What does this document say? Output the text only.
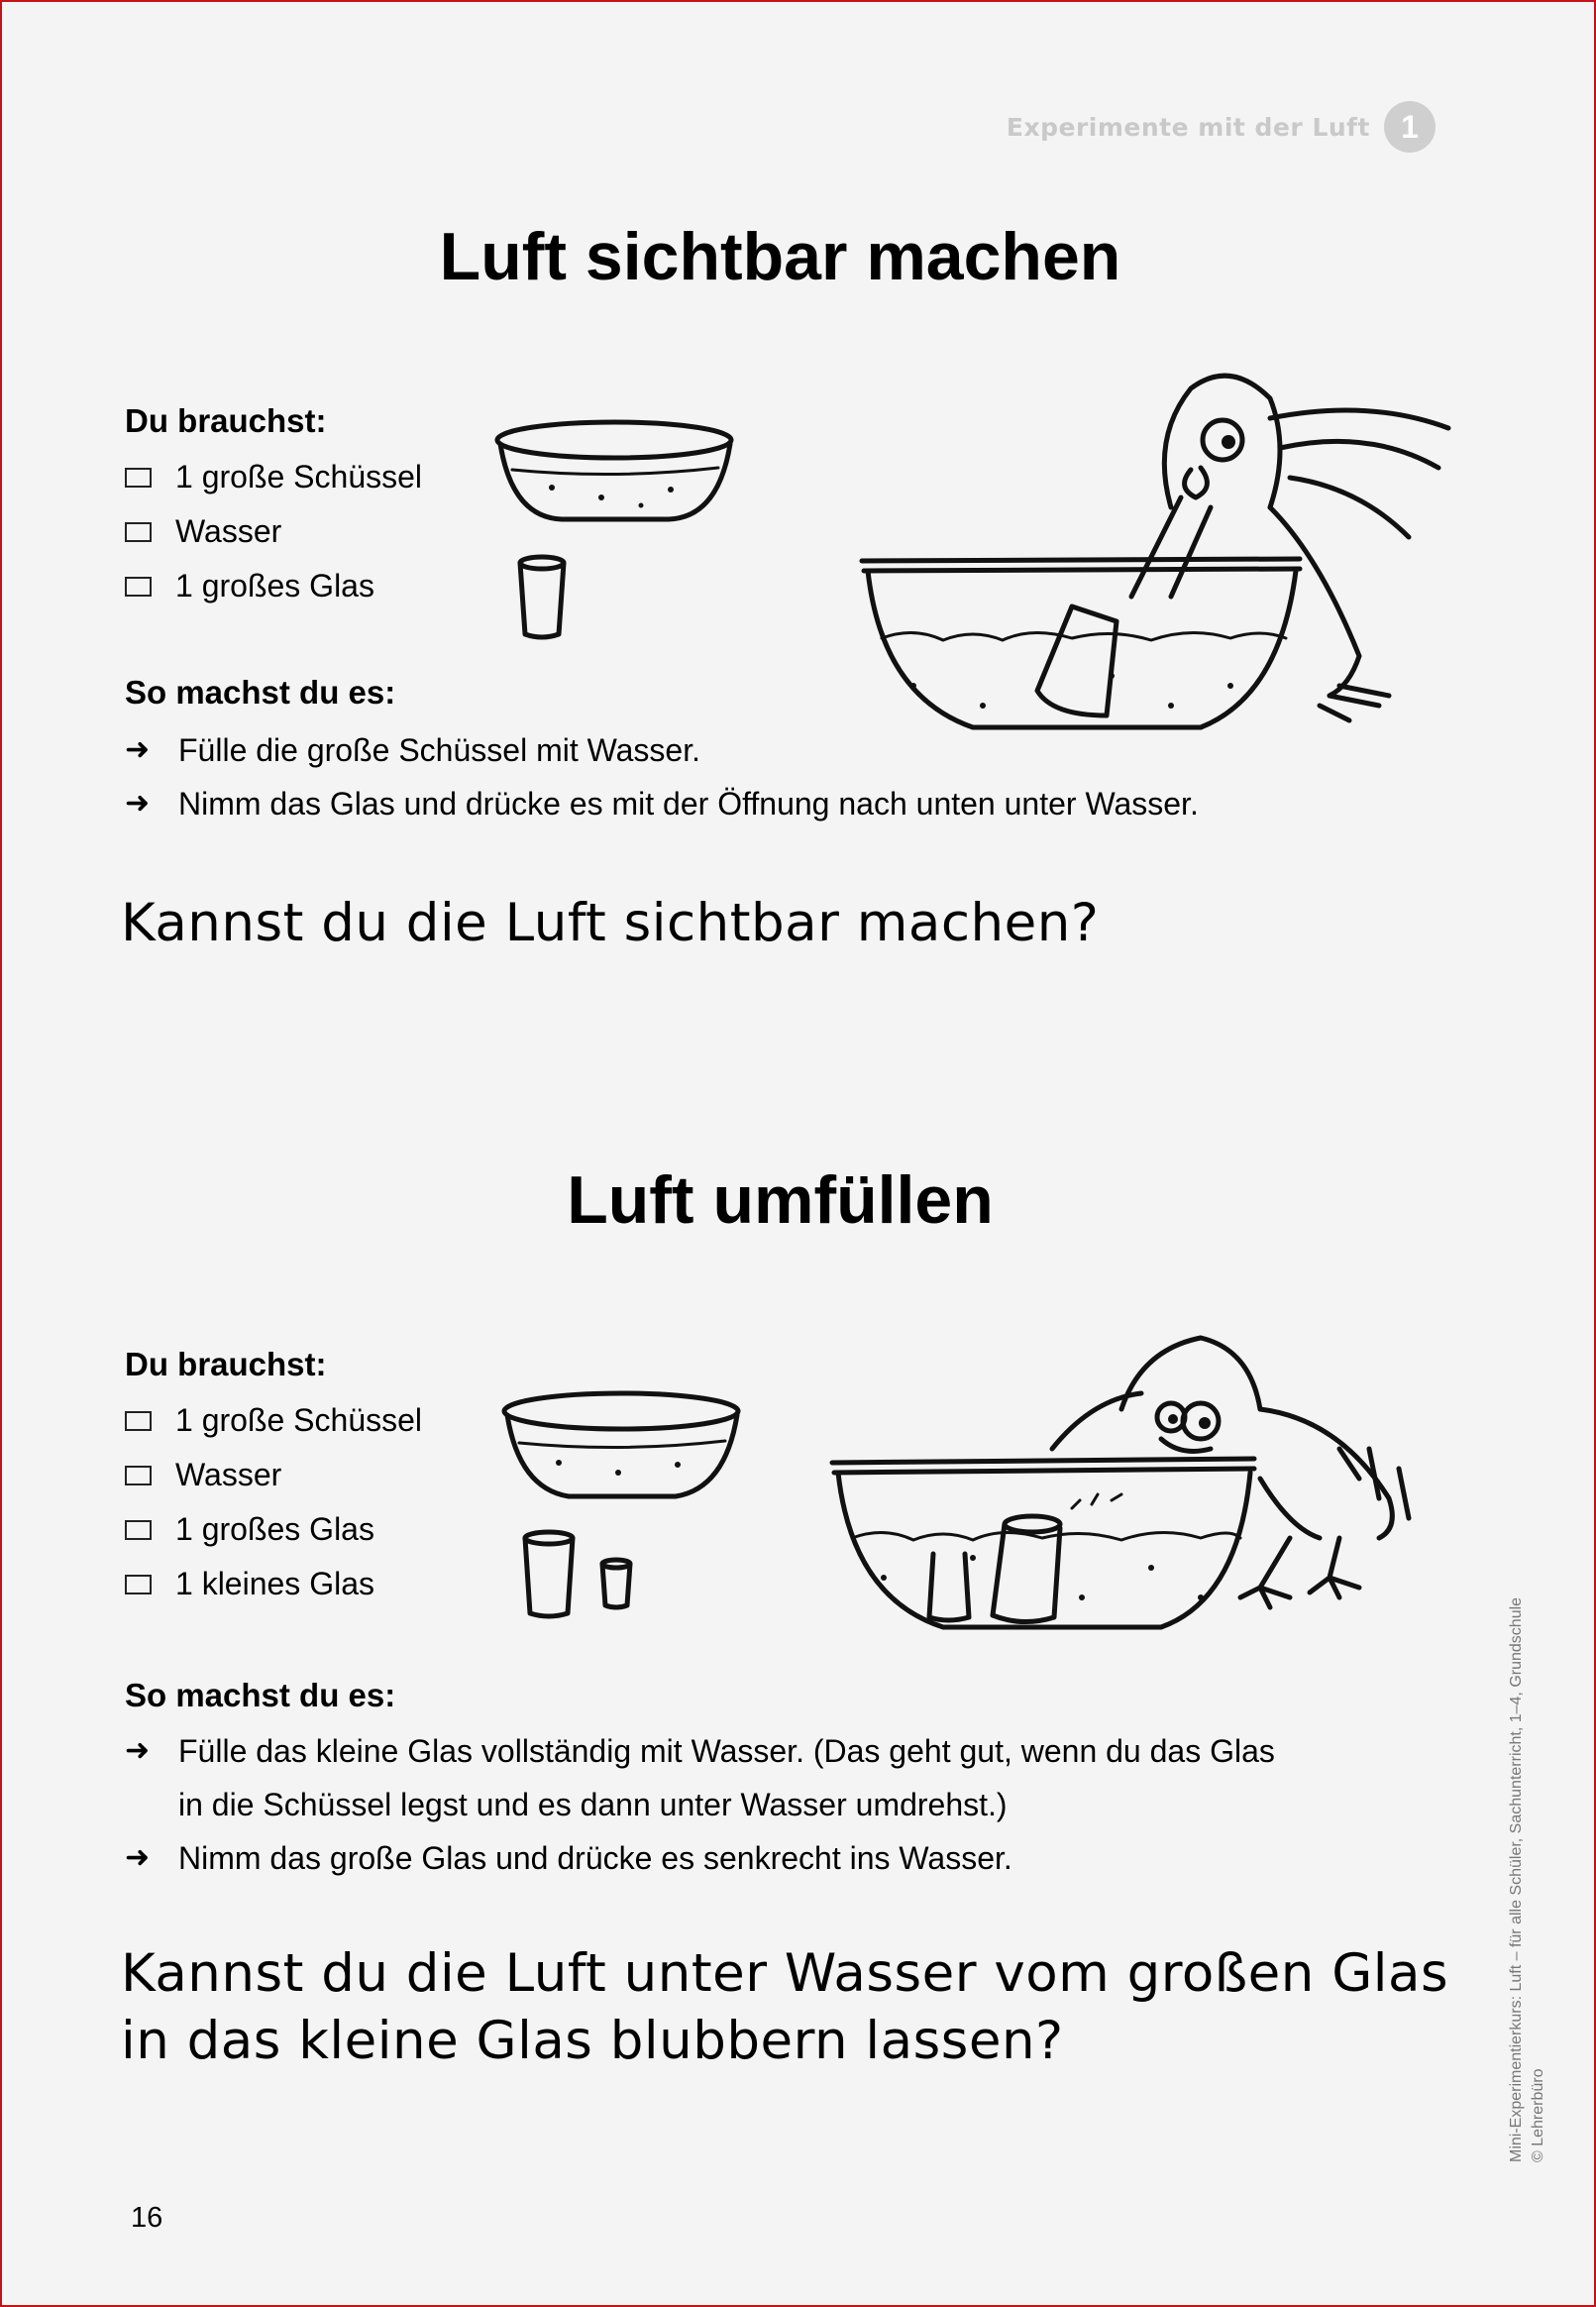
Experimente mit der Luft 1
Luft sichtbar machen
Du brauchst:
1 große Schüssel
Wasser
1 großes Glas
So machst du es:
➜ Fülle die große Schüssel mit Wasser.
➜ Nimm das Glas und drücke es mit der Öffnung nach unten unter Wasser.

Kannst du die Luft sichtbar machen?

Luft umfüllen
Du brauchst:
1 große Schüssel
Wasser
1 großes Glas
1 kleines Glas
So machst du es:
➜ Fülle das kleine Glas vollständig mit Wasser. (Das geht gut, wenn du das Glas
in die Schüssel legst und es dann unter Wasser umdrehst.)
➜ Nimm das große Glas und drücke es senkrecht ins Wasser.

Kannst du die Luft unter Wasser vom großen Glas
in das kleine Glas blubbern lassen?

16
Mini-Experimentierkurs: Luft – für alle Schüler, Sachunterricht, 1–4, Grundschule © Lehrerbüro
